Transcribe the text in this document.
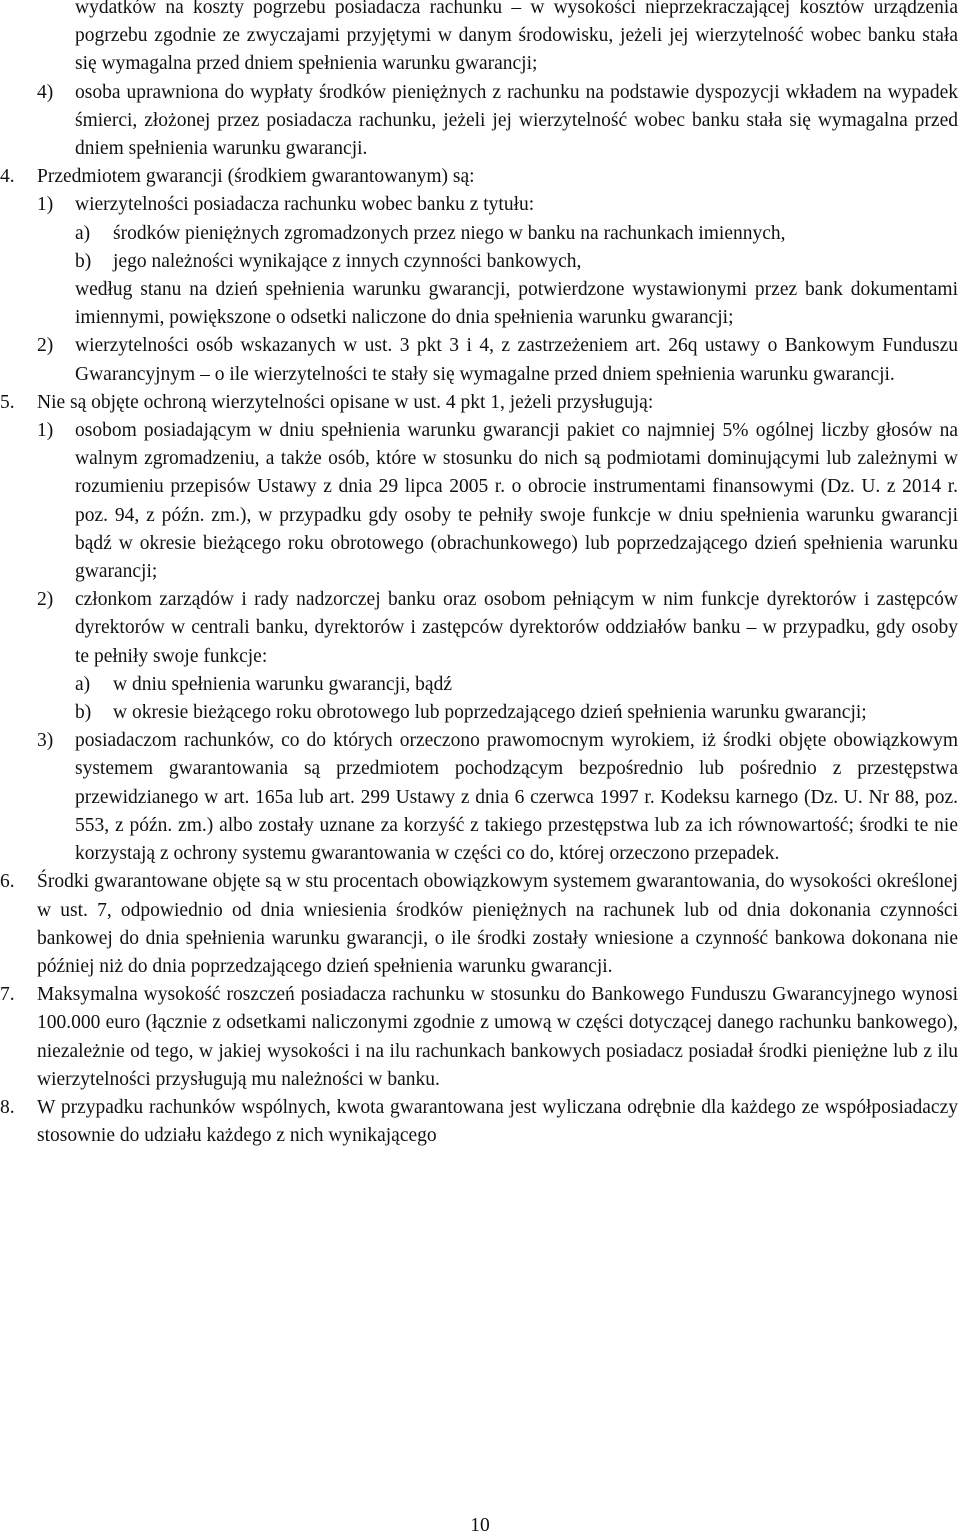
wydatków na koszty pogrzebu posiadacza rachunku – w wysokości nieprzekraczającej kosztów urządzenia pogrzebu zgodnie ze zwyczajami przyjętymi w danym środowisku, jeżeli jej wierzytelność wobec banku stała się wymagalna przed dniem spełnienia warunku gwarancji;
4) osoba uprawniona do wypłaty środków pieniężnych z rachunku na podstawie dyspozycji wkładem na wypadek śmierci, złożonej przez posiadacza rachunku, jeżeli jej wierzytelność wobec banku stała się wymagalna przed dniem spełnienia warunku gwarancji.
4. Przedmiotem gwarancji (środkiem gwarantowanym) są:
1) wierzytelności posiadacza rachunku wobec banku z tytułu:
a) środków pieniężnych zgromadzonych przez niego w banku na rachunkach imiennych,
b) jego należności wynikające z innych czynności bankowych,
według stanu na dzień spełnienia warunku gwarancji, potwierdzone wystawionymi przez bank dokumentami imiennymi, powiększone o odsetki naliczone do dnia spełnienia warunku gwarancji;
2) wierzytelności osób wskazanych w ust. 3 pkt 3 i 4, z zastrzeżeniem art. 26q ustawy o Bankowym Funduszu Gwarancyjnym – o ile wierzytelności te stały się wymagalne przed dniem spełnienia warunku gwarancji.
5. Nie są objęte ochroną wierzytelności opisane w ust. 4 pkt 1, jeżeli przysługują:
1) osobom posiadającym w dniu spełnienia warunku gwarancji pakiet co najmniej 5% ogólnej liczby głosów na walnym zgromadzeniu, a także osób, które w stosunku do nich są podmiotami dominującymi lub zależnymi w rozumieniu przepisów Ustawy z dnia 29 lipca 2005 r. o obrocie instrumentami finansowymi (Dz. U. z 2014 r. poz. 94, z późn. zm.), w przypadku gdy osoby te pełniły swoje funkcje w dniu spełnienia warunku gwarancji bądź w okresie bieżącego roku obrotowego (obrachunkowego) lub poprzedzającego dzień spełnienia warunku gwarancji;
2) członkom zarządów i rady nadzorczej banku oraz osobom pełniącym w nim funkcje dyrektorów i zastępców dyrektorów w centrali banku, dyrektorów i zastępców dyrektorów oddziałów banku – w przypadku, gdy osoby te pełniły swoje funkcje:
a) w dniu spełnienia warunku gwarancji, bądź
b) w okresie bieżącego roku obrotowego lub poprzedzającego dzień spełnienia warunku gwarancji;
3) posiadaczom rachunków, co do których orzeczono prawomocnym wyrokiem, iż środki objęte obowiązkowym systemem gwarantowania są przedmiotem pochodzącym bezpośrednio lub pośrednio z przestępstwa przewidzianego w art. 165a lub art. 299 Ustawy z dnia 6 czerwca 1997 r. Kodeksu karnego (Dz. U. Nr 88, poz. 553, z późn. zm.) albo zostały uznane za korzyść z takiego przestępstwa lub za ich równowartość; środki te nie korzystają z ochrony systemu gwarantowania w części co do, której orzeczono przepadek.
6. Środki gwarantowane objęte są w stu procentach obowiązkowym systemem gwarantowania, do wysokości określonej w ust. 7, odpowiednio od dnia wniesienia środków pieniężnych na rachunek lub od dnia dokonania czynności bankowej do dnia spełnienia warunku gwarancji, o ile środki zostały wniesione a czynność bankowa dokonana nie później niż do dnia poprzedzającego dzień spełnienia warunku gwarancji.
7. Maksymalna wysokość roszczeń posiadacza rachunku w stosunku do Bankowego Funduszu Gwarancyjnego wynosi 100.000 euro (łącznie z odsetkami naliczonymi zgodnie z umową w części dotyczącej danego rachunku bankowego), niezależnie od tego, w jakiej wysokości i na ilu rachunkach bankowych posiadacz posiadał środki pieniężne lub z ilu wierzytelności przysługują mu należności w banku.
8. W przypadku rachunków wspólnych, kwota gwarantowana jest wyliczana odrębnie dla każdego ze współposiadaczy stosownie do udziału każdego z nich wynikającego
10
